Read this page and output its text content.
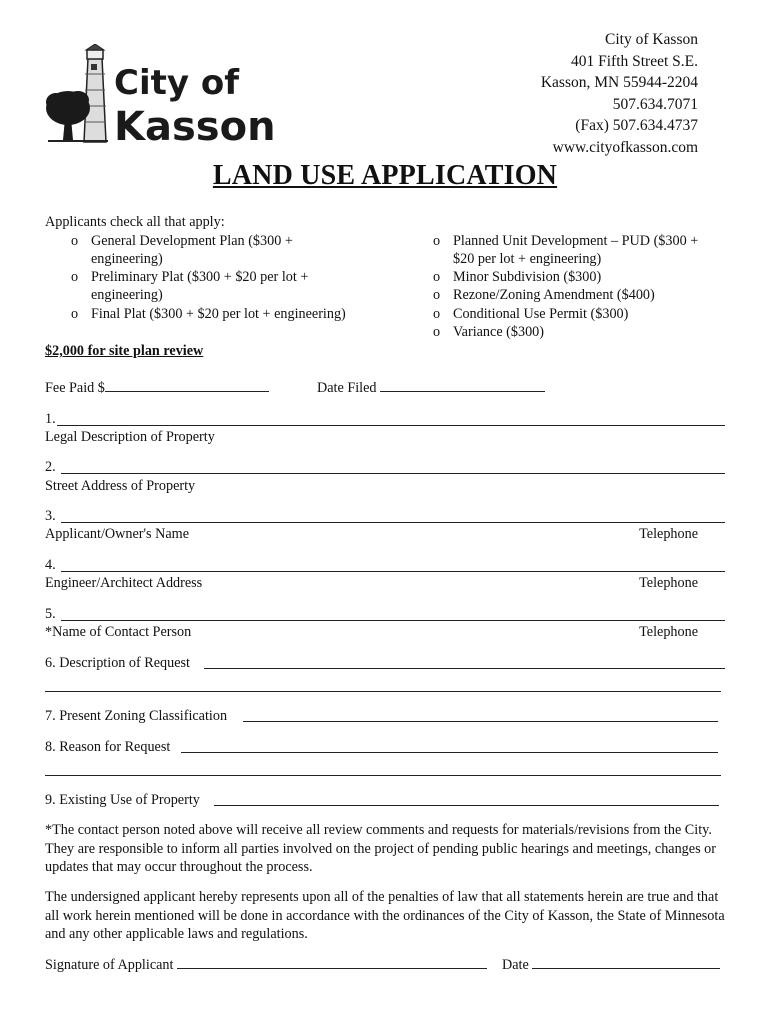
City of
Kasson
City of Kasson
401 Fifth Street S.E.
Kasson, MN 55944-2204
507.634.7071
(Fax) 507.634.4737
www.cityofkasson.com
LAND USE APPLICATION
Applicants check all that apply:
o General Development Plan ($300 +
engineering)
o Preliminary Plat ($300 + $20 per lot +
engineering)
o Final Plat ($300 + $20 per lot + engineering)
o Planned Unit Development – PUD ($300 +
$20 per lot + engineering)
o Minor Subdivision ($300)
o Rezone/Zoning Amendment ($400)
o Conditional Use Permit ($300)
o Variance ($300)
$2,000 for site plan review
Fee Paid $	Date Filed
1.
Legal Description of Property
2.
Street Address of Property
3.
Applicant/Owner's Name	Telephone
4.
Engineer/Architect Address	Telephone
5.
*Name of Contact Person	Telephone
6. Description of Request
7. Present Zoning Classification
8. Reason for Request
9. Existing Use of Property
*The contact person noted above will receive all review comments and requests for materials/revisions from the City. They are responsible to inform all parties involved on the project of pending public hearings and meetings, changes or updates that may occur throughout the process.
The undersigned applicant hereby represents upon all of the penalties of law that all statements herein are true and that all work herein mentioned will be done in accordance with the ordinances of the City of Kasson, the State of Minnesota and any other applicable laws and regulations.
Signature of Applicant	Date
